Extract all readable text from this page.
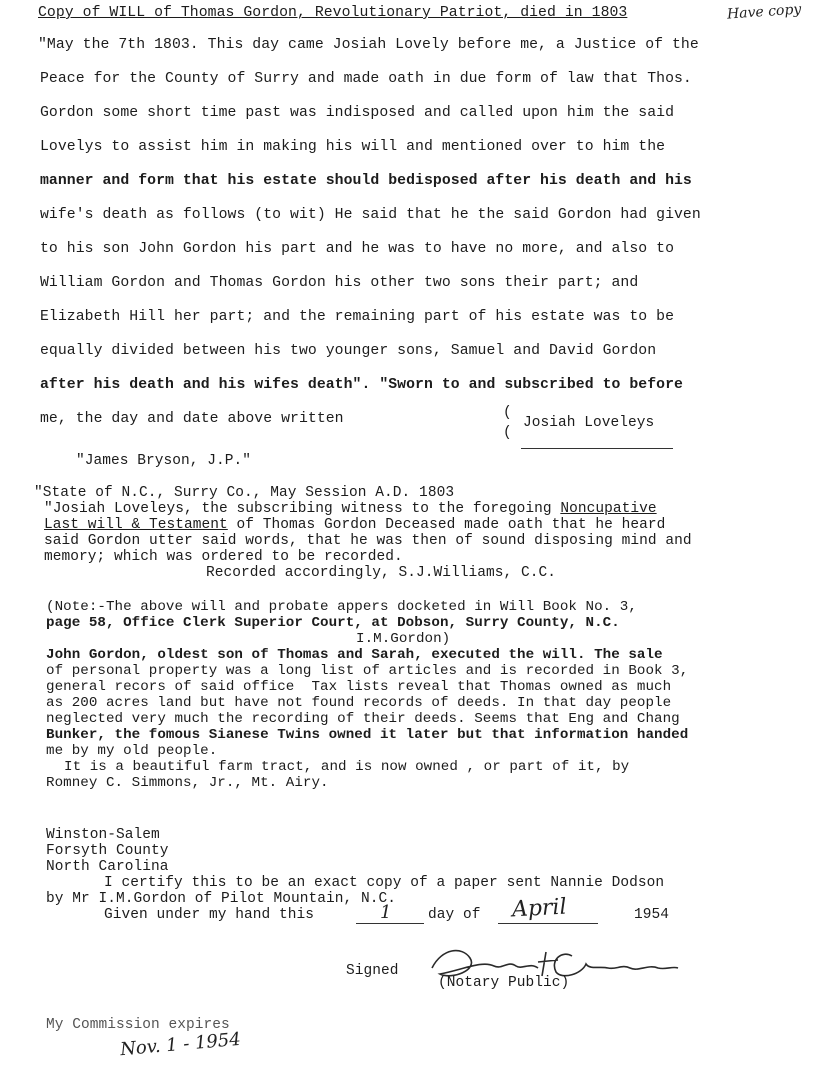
Copy of WILL of Thomas Gordon, Revolutionary Patriot, died in 1803
"May the 7th 1803. This day came Josiah Lovely before me, a Justice of the
Peace for the County of Surry and made oath in due form of law that Thos.
Gordon some short time past was indisposed and called upon him the said
Lovelys to assist him in making his will and mentioned over to him the
manner and form that his estate should bedisposed after his death and his
wife's death as follows (to wit) He said that he the said Gordon had given
to his son John Gordon his part and he was to have no more, and also to
William Gordon and Thomas Gordon his other two sons their part; and
Elizabeth Hill her part; and the remaining part of his estate was to be
equally divided between his two younger sons, Samuel and David Gordon
after his death and his wifes death". "Sworn to and subscribed to before
me, the day and date above written
Have copy
(
Josiah Loveleys
(
"James Bryson, J.P."
"State of N.C., Surry Co., May Session A.D. 1803
"Josiah Loveleys, the subscribing witness to the foregoing Noncupative
Last will & Testament of Thomas Gordon Deceased made oath that he heard
said Gordon utter said words, that he was then of sound disposing mind and
memory; which was ordered to be recorded.
Recorded accordingly, S.J.Williams, C.C.
(Note:-The above will and probate appers docketed in Will Book No. 3,
page 58, Office Clerk Superior Court, at Dobson, Surry County, N.C.
I.M.Gordon)
John Gordon, oldest son of Thomas and Sarah, executed the will. The sale
of personal property was a long list of articles and is recorded in Book 3,
general recors of said office  Tax lists reveal that Thomas owned as much
as 200 acres land but have not found records of deeds. In that day people
neglected very much the recording of their deeds. Seems that Eng and Chang
Bunker, the fomous Sianese Twins owned it later but that information handed
me by my old people.
It is a beautiful farm tract, and is now owned , or part of it, by
Romney C. Simmons, Jr., Mt. Airy.
Winston-Salem
Forsyth County
North Carolina
I certify this to be an exact copy of a paper sent Nannie Dodson
by Mr I.M.Gordon of Pilot Mountain, N.C.
Given under my hand this	1	day of April	1954
Signed
(Notary Public)
My Commission expires
Nov. 1 - 1954
